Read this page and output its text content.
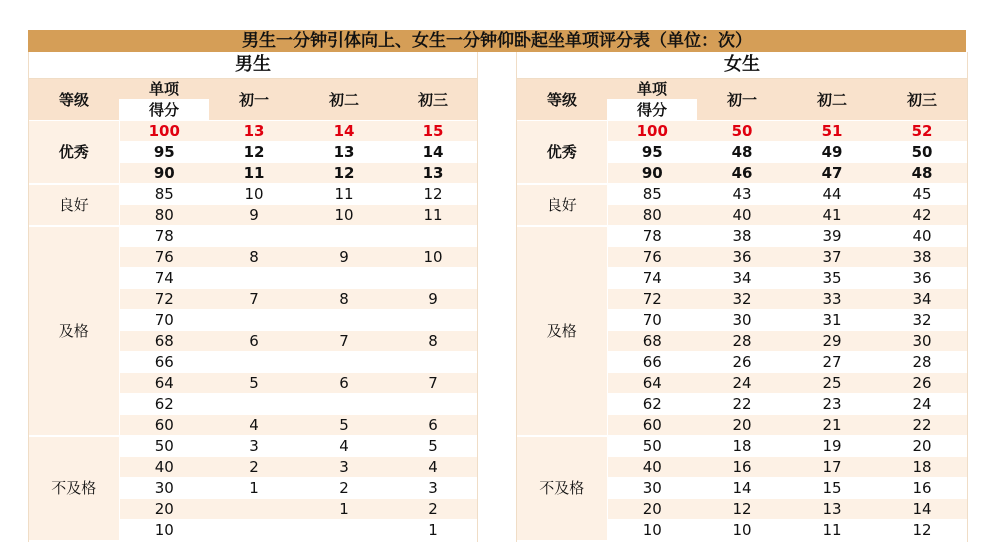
男生一分钟引体向上、女生一分钟仰卧起坐单项评分表（单位：次）
男生
等级	单项	初一	初二	初三
	得分			
优秀	100	13	14	15
	95	12	13	14
	90	11	12	13
良好	85	10	11	12
	80	9	10	11
及格	78			
	76	8	9	10
	74			
	72	7	8	9
	70			
	68	6	7	8
	66			
	64	5	6	7
	62			
	60	4	5	6
不及格	50	3	4	5
	40	2	3	4
	30	1	2	3
	20		1	2
	10			1
女生
等级	单项	初一	初二	初三
	得分			
优秀	100	50	51	52
	95	48	49	50
	90	46	47	48
良好	85	43	44	45
	80	40	41	42
及格	78	38	39	40
	76	36	37	38
	74	34	35	36
	72	32	33	34
	70	30	31	32
	68	28	29	30
	66	26	27	28
	64	24	25	26
	62	22	23	24
	60	20	21	22
不及格	50	18	19	20
	40	16	17	18
	30	14	15	16
	20	12	13	14
	10	10	11	12
